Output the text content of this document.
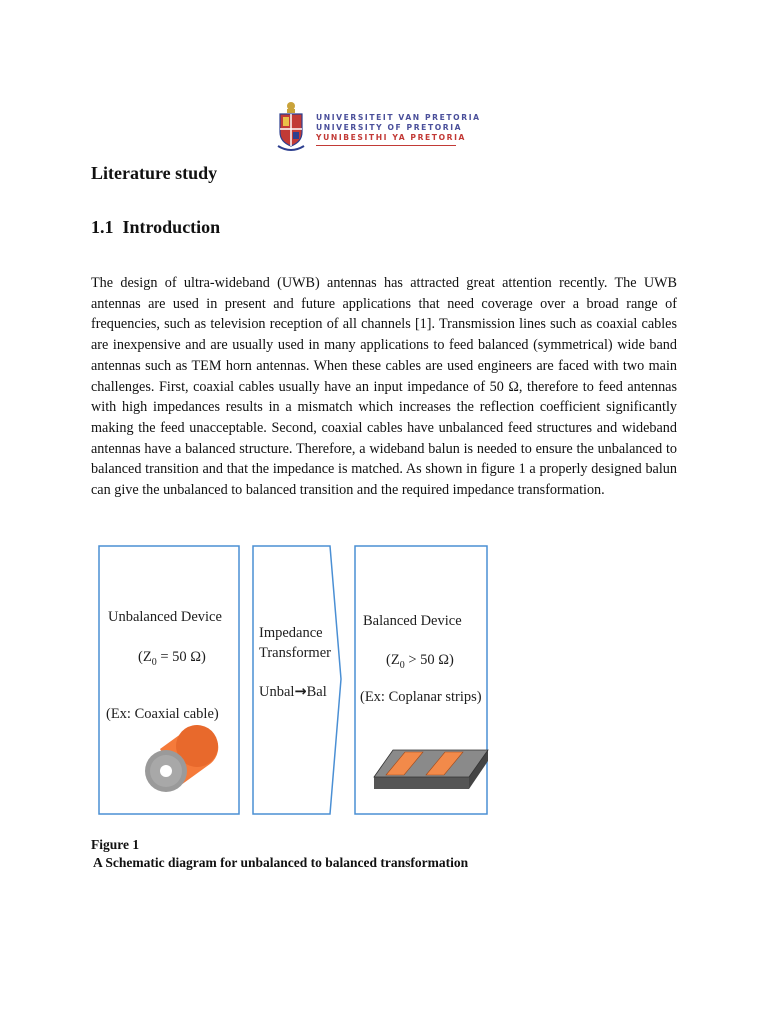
UNIVERSITEIT VAN PRETORIA
UNIVERSITY OF PRETORIA
YUNIBESITHI YA PRETORIA
Literature study
1.1 Introduction
The design of ultra-wideband (UWB) antennas has attracted great attention recently. The UWB antennas are used in present and future applications that need coverage over a broad range of frequencies, such as television reception of all channels [1]. Transmission lines such as coaxial cables are inexpensive and are usually used in many applications to feed balanced (symmetrical) wide band antennas such as TEM horn antennas. When these cables are used engineers are faced with two main challenges. First, coaxial cables usually have an input impedance of 50 Ω, therefore to feed antennas with high impedances results in a mismatch which increases the reflection coefficient significantly making the feed unacceptable. Second, coaxial cables have unbalanced feed structures and wideband antennas have a balanced structure. Therefore, a wideband balun is needed to ensure the unbalanced to balanced transition and that the impedance is matched. As shown in figure 1 a properly designed balun can give the unbalanced to balanced transition and the required impedance transformation.
Unbalanced Device
($Z_0 = 50$ Ω)
(Ex: Coaxial cable)
Impedance
Transformer
Unbal→Bal
Balanced Device
($Z_0 > 50$ Ω)
(Ex: Coplanar strips)
Figure 1
A Schematic diagram for unbalanced to balanced transformation
